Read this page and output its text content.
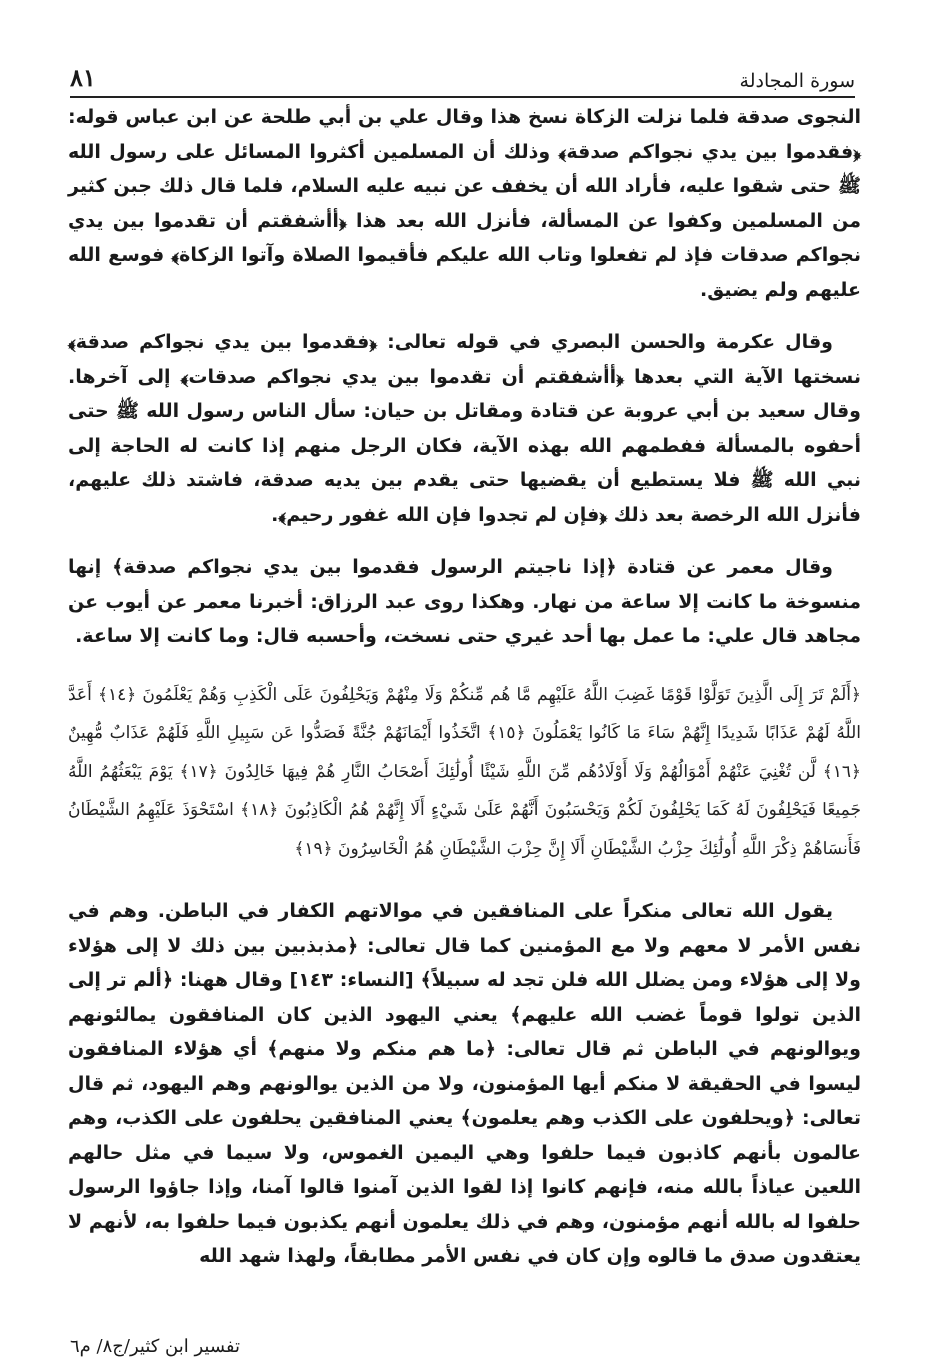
سورة المجادلة
٨١

النجوى صدقة فلما نزلت الزكاة نسخ هذا وقال علي بن أبي طلحة عن ابن عباس قوله: ﴿فقدموا بين يدي نجواكم صدقة﴾ وذلك أن المسلمين أكثروا المسائل على رسول الله ﷺ حتى شقوا عليه، فأراد الله أن يخفف عن نبيه عليه السلام، فلما قال ذلك جبن كثير من المسلمين وكفوا عن المسألة، فأنزل الله بعد هذا ﴿أأشفقتم أن تقدموا بين يدي نجواكم صدقات فإذ لم تفعلوا وتاب الله عليكم فأقيموا الصلاة وآتوا الزكاة﴾ فوسع الله عليهم ولم يضيق.

وقال عكرمة والحسن البصري في قوله تعالى: ﴿فقدموا بين يدي نجواكم صدقة﴾ نسختها الآية التي بعدها ﴿أأشفقتم أن تقدموا بين يدي نجواكم صدقات﴾ إلى آخرها. وقال سعيد بن أبي عروبة عن قتادة ومقاتل بن حيان: سأل الناس رسول الله ﷺ حتى أحفوه بالمسألة ففطمهم الله بهذه الآية، فكان الرجل منهم إذا كانت له الحاجة إلى نبي الله ﷺ فلا يستطيع أن يقضيها حتى يقدم بين يديه صدقة، فاشتد ذلك عليهم، فأنزل الله الرخصة بعد ذلك ﴿فإن لم تجدوا فإن الله غفور رحيم﴾.

وقال معمر عن قتادة ﴿إذا ناجيتم الرسول فقدموا بين يدي نجواكم صدقة﴾ إنها منسوخة ما كانت إلا ساعة من نهار. وهكذا روى عبد الرزاق: أخبرنا معمر عن أيوب عن مجاهد قال علي: ما عمل بها أحد غيري حتى نسخت، وأحسبه قال: وما كانت إلا ساعة.

﴿أَلَمْ تَرَ إِلَى الَّذِينَ تَوَلَّوْا قَوْمًا غَضِبَ اللَّهُ عَلَيْهِم مَّا هُم مِّنكُمْ وَلَا مِنْهُمْ وَيَحْلِفُونَ عَلَى الْكَذِبِ وَهُمْ يَعْلَمُونَ ﴿١٤﴾ أَعَدَّ اللَّهُ لَهُمْ عَذَابًا شَدِيدًا إِنَّهُمْ سَاءَ مَا كَانُوا يَعْمَلُونَ ﴿١٥﴾ اتَّخَذُوا أَيْمَانَهُمْ جُنَّةً فَصَدُّوا عَن سَبِيلِ اللَّهِ فَلَهُمْ عَذَابٌ مُّهِينٌ ﴿١٦﴾ لَّن تُغْنِيَ عَنْهُمْ أَمْوَالُهُمْ وَلَا أَوْلَادُهُم مِّنَ اللَّهِ شَيْئًا أُولَٰئِكَ أَصْحَابُ النَّارِ هُمْ فِيهَا خَالِدُونَ ﴿١٧﴾ يَوْمَ يَبْعَثُهُمُ اللَّهُ جَمِيعًا فَيَحْلِفُونَ لَهُ كَمَا يَحْلِفُونَ لَكُمْ وَيَحْسَبُونَ أَنَّهُمْ عَلَىٰ شَيْءٍ أَلَا إِنَّهُمْ هُمُ الْكَاذِبُونَ ﴿١٨﴾ اسْتَحْوَذَ عَلَيْهِمُ الشَّيْطَانُ فَأَنسَاهُمْ ذِكْرَ اللَّهِ أُولَٰئِكَ حِزْبُ الشَّيْطَانِ أَلَا إِنَّ حِزْبَ الشَّيْطَانِ هُمُ الْخَاسِرُونَ ﴿١٩﴾

يقول الله تعالى منكراً على المنافقين في موالاتهم الكفار في الباطن. وهم في نفس الأمر لا معهم ولا مع المؤمنين كما قال تعالى: ﴿مذبذبين بين ذلك لا إلى هؤلاء ولا إلى هؤلاء ومن يضلل الله فلن تجد له سبيلاً﴾ [النساء: ١٤٣] وقال ههنا: ﴿ألم تر إلى الذين تولوا قوماً غضب الله عليهم﴾ يعني اليهود الذين كان المنافقون يمالئونهم ويوالونهم في الباطن ثم قال تعالى: ﴿ما هم منكم ولا منهم﴾ أي هؤلاء المنافقون ليسوا في الحقيقة لا منكم أيها المؤمنون، ولا من الذين يوالونهم وهم اليهود، ثم قال تعالى: ﴿ويحلفون على الكذب وهم يعلمون﴾ يعني المنافقين يحلفون على الكذب، وهم عالمون بأنهم كاذبون فيما حلفوا وهي اليمين الغموس، ولا سيما في مثل حالهم اللعين عياذاً بالله منه، فإنهم كانوا إذا لقوا الذين آمنوا قالوا آمنا، وإذا جاؤوا الرسول حلفوا له بالله أنهم مؤمنون، وهم في ذلك يعلمون أنهم يكذبون فيما حلفوا به، لأنهم لا يعتقدون صدق ما قالوه وإن كان في نفس الأمر مطابقاً، ولهذا شهد الله

تفسير ابن كثير/ج٨/ م٦
